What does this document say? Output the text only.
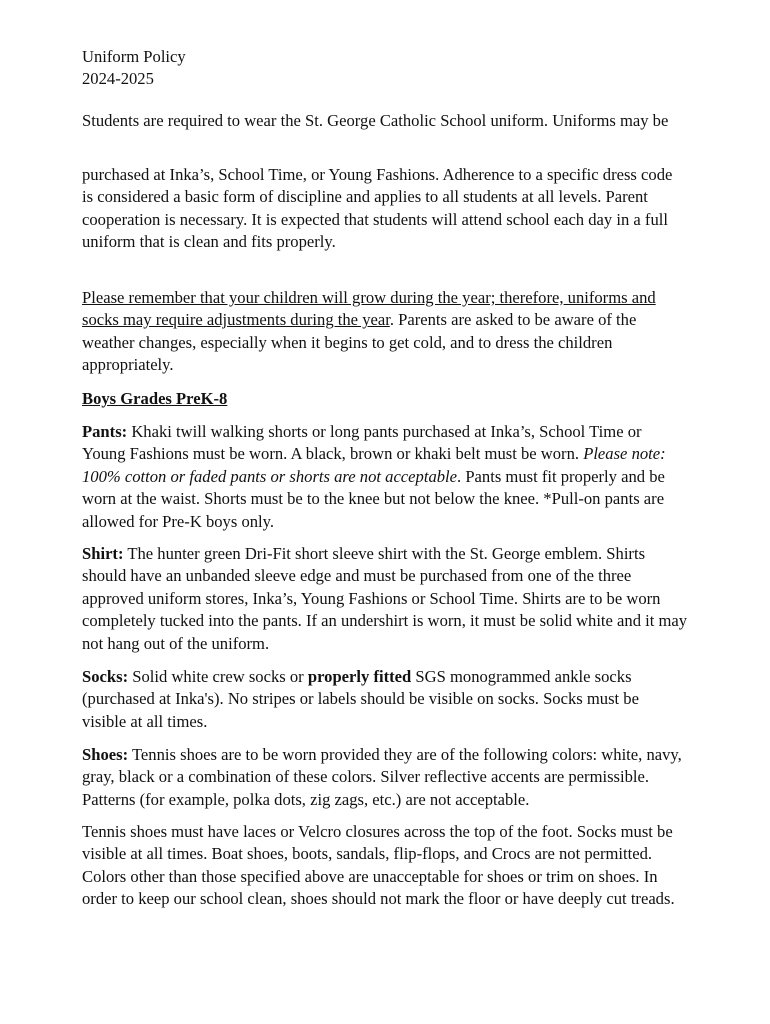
Uniform Policy

2024-2025

Students are required to wear the St. George Catholic School uniform. Uniforms may be

purchased at Inka’s, School Time, or Young Fashions. Adherence to a specific dress code is considered a basic form of discipline and applies to all students at all levels. Parent cooperation is necessary. It is expected that students will attend school each day in a full uniform that is clean and fits properly.

Please remember that your children will grow during the year; therefore, uniforms and socks may require adjustments during the year. Parents are asked to be aware of the weather changes, especially when it begins to get cold, and to dress the children appropriately.

Boys Grades PreK-8

Pants: Khaki twill walking shorts or long pants purchased at Inka’s, School Time or Young Fashions must be worn. A black, brown or khaki belt must be worn. Please note: 100% cotton or faded pants or shorts are not acceptable. Pants must fit properly and be worn at the waist. Shorts must be to the knee but not below the knee. *Pull-on pants are allowed for Pre-K boys only.

Shirt: The hunter green Dri-Fit short sleeve shirt with the St. George emblem. Shirts should have an unbanded sleeve edge and must be purchased from one of the three approved uniform stores, Inka’s, Young Fashions or School Time. Shirts are to be worn completely tucked into the pants. If an undershirt is worn, it must be solid white and it may not hang out of the uniform.

Socks: Solid white crew socks or properly fitted SGS monogrammed ankle socks (purchased at Inka's). No stripes or labels should be visible on socks. Socks must be visible at all times.

Shoes: Tennis shoes are to be worn provided they are of the following colors: white, navy, gray, black or a combination of these colors. Silver reflective accents are permissible. Patterns (for example, polka dots, zig zags, etc.) are not acceptable.

Tennis shoes must have laces or Velcro closures across the top of the foot. Socks must be visible at all times. Boat shoes, boots, sandals, flip-flops, and Crocs are not permitted. Colors other than those specified above are unacceptable for shoes or trim on shoes. In order to keep our school clean, shoes should not mark the floor or have deeply cut treads.
